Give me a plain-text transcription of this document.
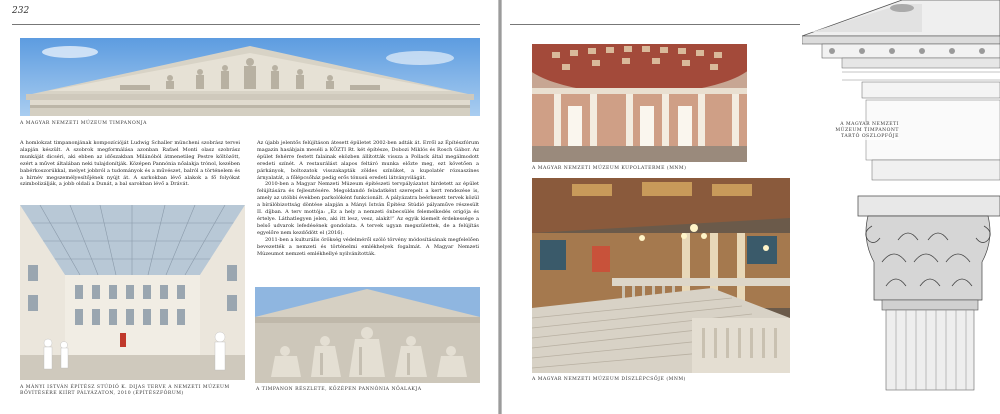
232
A MAGYAR NEMZETI MÚZEUM TIMPANONJA

A homlokzat timpanonjának kompozícióját Ludwig Schaller müncheni szobrász tervei alapján készült. A szobrok megformálása azonban Rafael Monti olasz szobrász munkáját dicséri, aki ebben az időszakban Milánóból átmenetileg Pestre költözött, ezért a művet általában neki tulajdonítják. Középen Pannónia nőalakja trónol, kezében babérkoszorúkkal, melyet jobbról a tudományok és a művészet, balról a történelem és a hírnév megszemélyesítőjének nyújt át. A sarkokban lévő alakok a fő folyókat szimbolizálják, a jobb oldali a Dunát, a bal sarokban lévő a Drávát.

A MÁNYI ISTVÁN ÉPÍTÉSZ STÚDIÓ K. DIJAS TERVE A NEMZETI MÚZEUM BŐVÍTÉSÉRE KIÍRT PÁLYÁZATON, 2010 (ÉPÍTÉSZFÓRUM)

Az újabb jelentős felújításon átesett épületet 2002-ben adták át. Erről az Építészfórum magazin hasábjain meséli a KÖZTI Rt. két építésze, Dobozi Miklós és Rosch Gábor. Az épület fehérre festett falainak eközben állították vissza a Pollack által megálmodott eredeti színét. A restaurálást alapos feltáró munka előzte meg, ezt követően a párkányok, boltozatok visszakapták zöldes színüket, a kupolatér rózsaszínes árnyalatát, a főlépcsőház pedig erős tónusú eredeti látványvilágát.

2010-ben a Magyar Nemzeti Múzeum építészeti tervpályázatot hirdetett az épület felújítására és fejlesztésére. Megoldandó feladatként szerepelt a kert rendezése is, amely az utóbbi években parkolóként funkcionált. A pályázatra beérkezett tervek közül a bírálóbizottság döntése alapján a Mányi István Építész Stúdió pályaműve részesült II. díjban. A terv mottója: „Ez a hely a nemzeti önbecsülés felemelkedés origója és értelye. Láthatlegyen jelen, aki itt lesz, vesz, alakít!” Az egyik kiemelt érdekessége a belső udvarok lefedésének gondolata. A tervek ugyan megszülettek, de a felújítás egyelőre nem kezdődött el (2016).

2011-ben a kulturális örökség védelméről szóló törvény módosításának megfelelően bevezették a nemzeti és történelmi emlékhelyek fogalmát. A Magyar Nemzeti Múzeumot nemzeti emlékhellyé nyilvánították.

A TIMPANON RÉSZLETE, KÖZÉPEN PANNÓNIA NŐALAKJA
A MAGYAR NEMZETI MÚZEUM KUPOLATERME (MNM)
A MAGYAR NEMZETI MÚZEUM DÍSZLÉPCSŐJE (MNM)
A MAGYAR NEMZETI MÚZEUM TIMPANONT TARTÓ OSZLOPFŐJE
